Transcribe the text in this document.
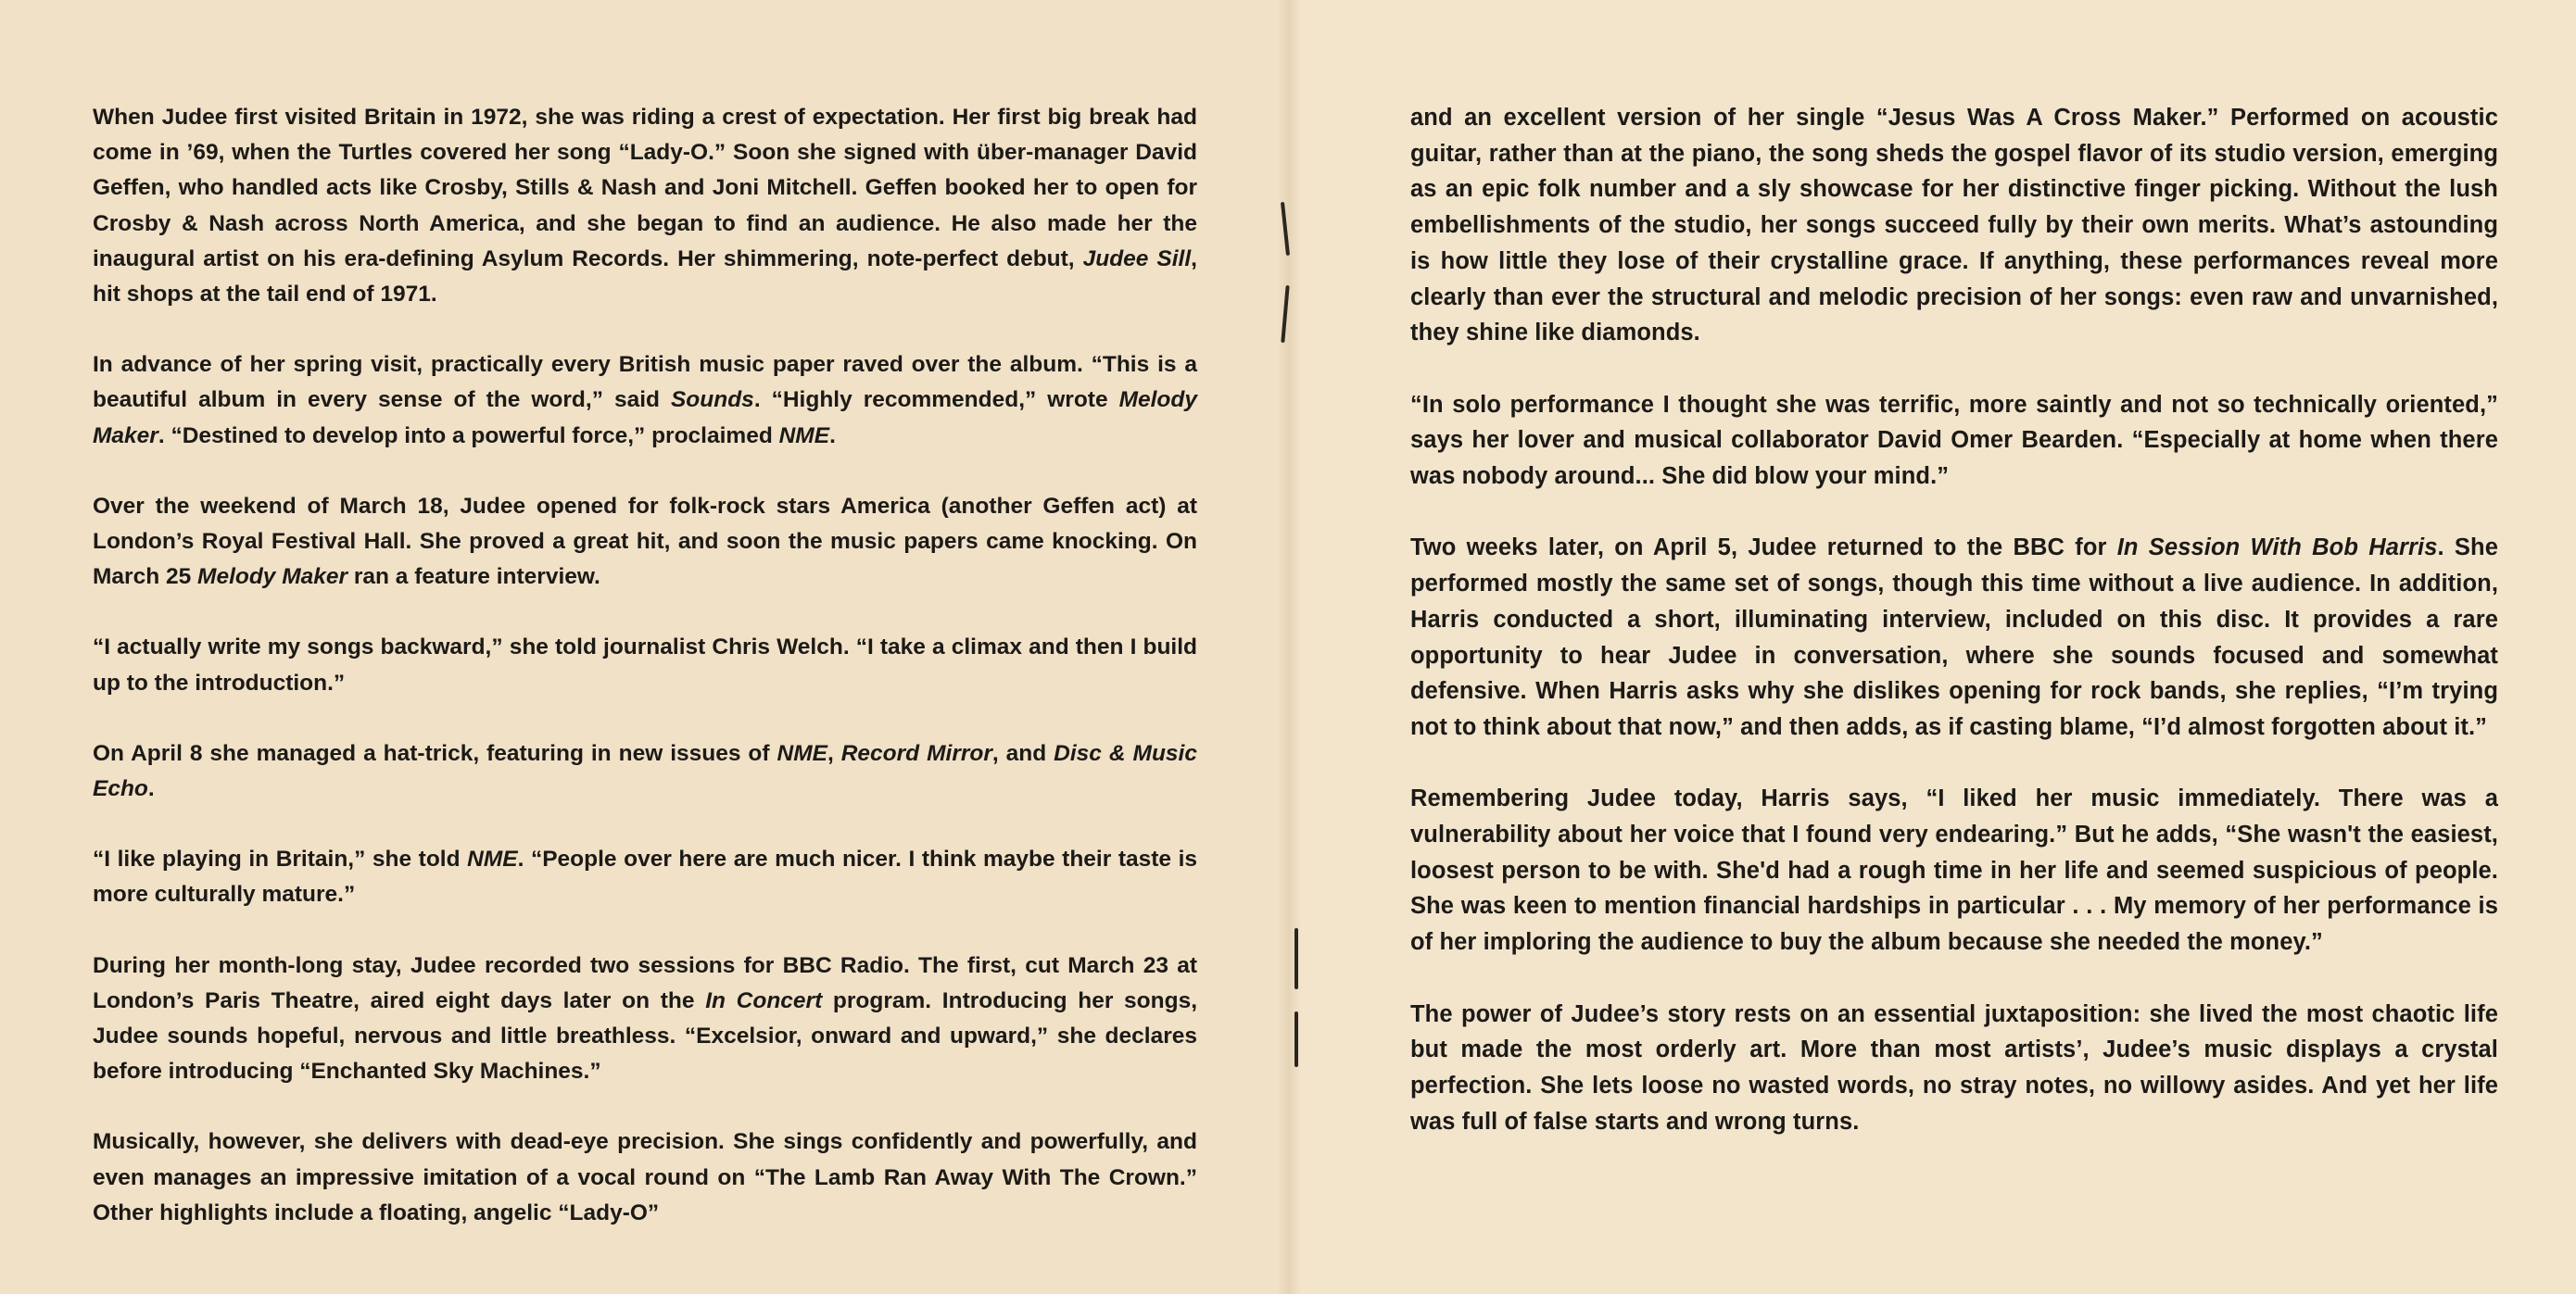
When Judee first visited Britain in 1972, she was riding a crest of expectation. Her first big break had come in ’69, when the Turtles covered her song “Lady-O.” Soon she signed with über-manager David Geffen, who handled acts like Crosby, Stills & Nash and Joni Mitchell. Geffen booked her to open for Crosby & Nash across North America, and she began to find an audience. He also made her the inaugural artist on his era-defining Asylum Records. Her shimmering, note-perfect debut, Judee Sill, hit shops at the tail end of 1971.

In advance of her spring visit, practically every British music paper raved over the album. “This is a beautiful album in every sense of the word,” said Sounds. “Highly recommended,” wrote Melody Maker. “Destined to develop into a powerful force,” proclaimed NME.

Over the weekend of March 18, Judee opened for folk-rock stars America (another Geffen act) at London’s Royal Festival Hall. She proved a great hit, and soon the music papers came knocking. On March 25 Melody Maker ran a feature interview.

“I actually write my songs backward,” she told journalist Chris Welch. “I take a climax and then I build up to the introduction.”

On April 8 she managed a hat-trick, featuring in new issues of NME, Record Mirror, and Disc & Music Echo.

“I like playing in Britain,” she told NME. “People over here are much nicer. I think maybe their taste is more culturally mature.”

During her month-long stay, Judee recorded two sessions for BBC Radio. The first, cut March 23 at London’s Paris Theatre, aired eight days later on the In Concert program. Introducing her songs, Judee sounds hopeful, nervous and little breathless. “Excelsior, onward and upward,” she declares before introducing “Enchanted Sky Machines.”

Musically, however, she delivers with dead-eye precision. She sings confidently and powerfully, and even manages an impressive imitation of a vocal round on “The Lamb Ran Away With The Crown.” Other highlights include a floating, angelic “Lady-O”

and an excellent version of her single “Jesus Was A Cross Maker.” Performed on acoustic guitar, rather than at the piano, the song sheds the gospel flavor of its studio version, emerging as an epic folk number and a sly showcase for her distinctive finger picking. Without the lush embellishments of the studio, her songs succeed fully by their own merits. What’s astounding is how little they lose of their crystalline grace. If anything, these performances reveal more clearly than ever the structural and melodic precision of her songs: even raw and unvarnished, they shine like diamonds.

“In solo performance I thought she was terrific, more saintly and not so technically oriented,” says her lover and musical collaborator David Omer Bearden. “Especially at home when there was nobody around... She did blow your mind.”

Two weeks later, on April 5, Judee returned to the BBC for In Session With Bob Harris. She performed mostly the same set of songs, though this time without a live audience. In addition, Harris conducted a short, illuminating interview, included on this disc. It provides a rare opportunity to hear Judee in conversation, where she sounds focused and somewhat defensive. When Harris asks why she dislikes opening for rock bands, she replies, “I’m trying not to think about that now,” and then adds, as if casting blame, “I’d almost forgotten about it.”

Remembering Judee today, Harris says, “I liked her music immediately. There was a vulnerability about her voice that I found very endearing.” But he adds, “She wasn't the easiest, loosest person to be with. She'd had a rough time in her life and seemed suspicious of people. She was keen to mention financial hardships in particular . . . My memory of her performance is of her imploring the audience to buy the album because she needed the money.”

The power of Judee’s story rests on an essential juxtaposition: she lived the most chaotic life but made the most orderly art. More than most artists’, Judee’s music displays a crystal perfection. She lets loose no wasted words, no stray notes, no willowy asides. And yet her life was full of false starts and wrong turns.
